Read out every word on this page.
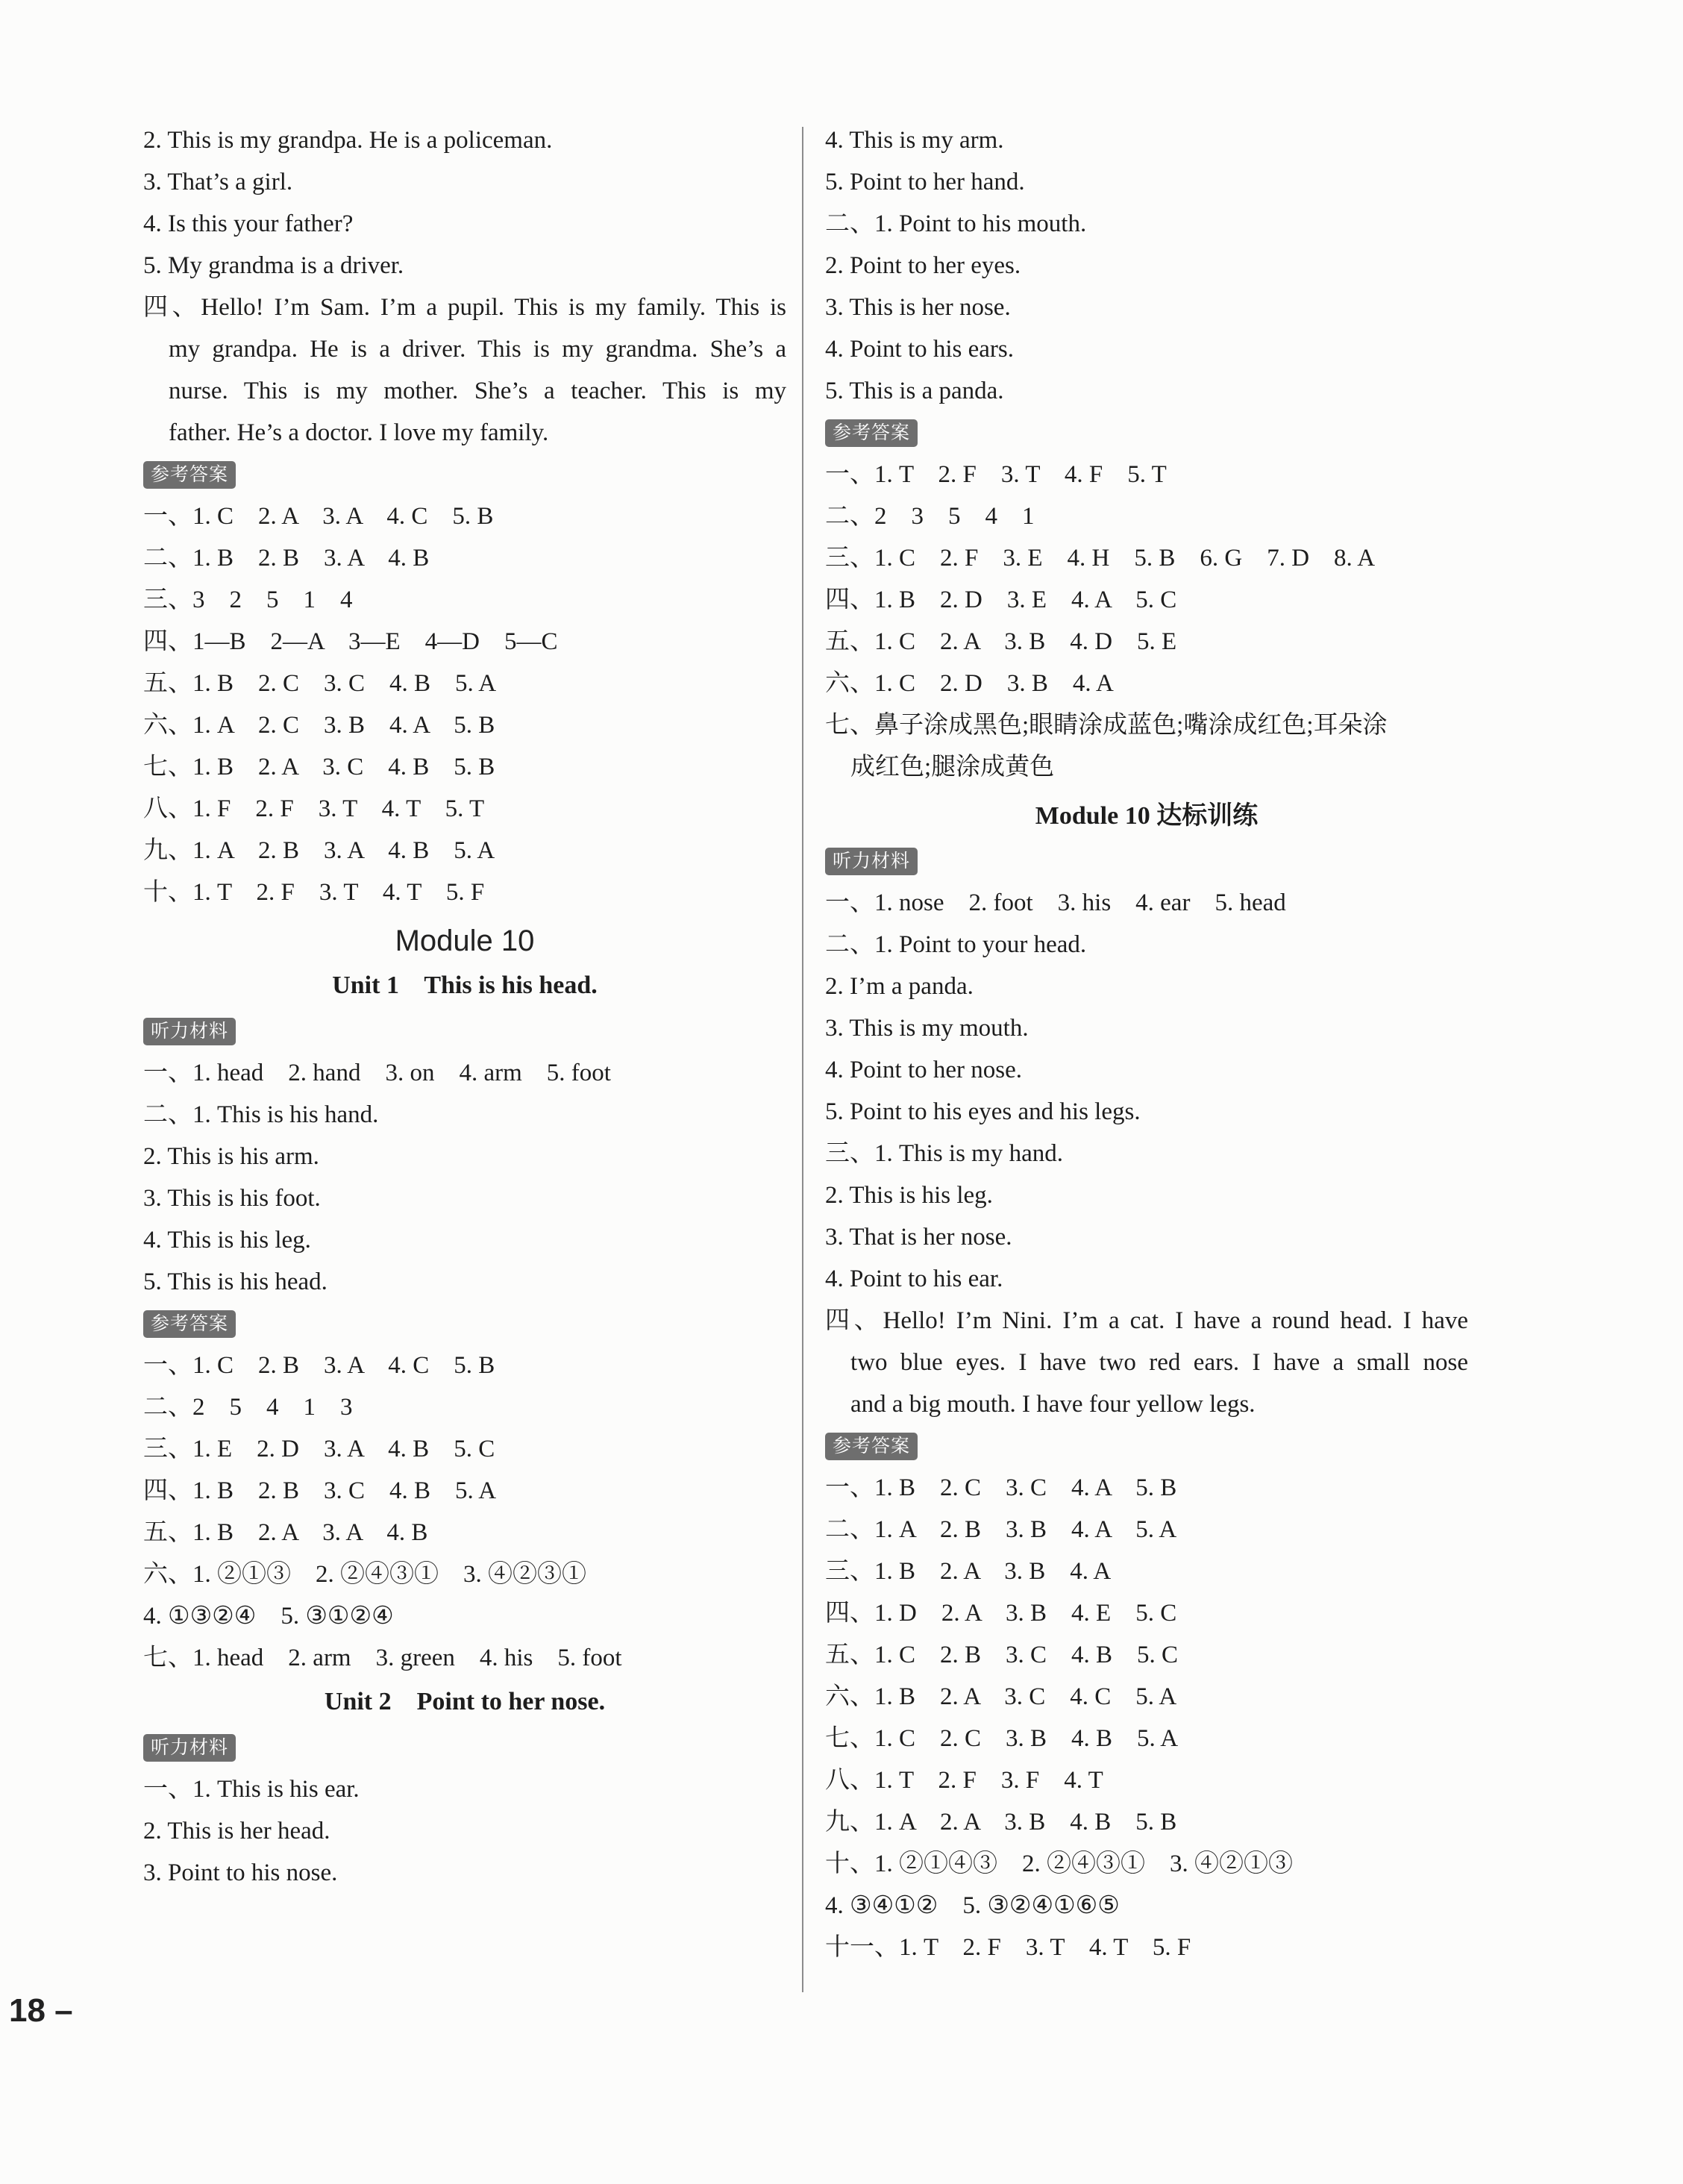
2. This is my grandpa. He is a policeman.
3. That’s a girl.
4. Is this your father?
5. My grandma is a driver.
四、Hello! I’m Sam. I’m a pupil. This is my family. This is
my grandpa. He is a driver. This is my grandma. She’s a
nurse. This is my mother. She’s a teacher. This is my
father. He’s a doctor. I love my family.
参考答案
一、1. C    2. A    3. A    4. C    5. B
二、1. B    2. B    3. A    4. B
三、3    2    5    1    4
四、1—B    2—A    3—E    4—D    5—C
五、1. B    2. C    3. C    4. B    5. A
六、1. A    2. C    3. B    4. A    5. B
七、1. B    2. A    3. C    4. B    5. B
八、1. F    2. F    3. T    4. T    5. T
九、1. A    2. B    3. A    4. B    5. A
十、1. T    2. F    3. T    4. T    5. F
Module 10
Unit 1    This is his head.
听力材料
一、1. head    2. hand    3. on    4. arm    5. foot
二、1. This is his hand.
2. This is his arm.
3. This is his foot.
4. This is his leg.
5. This is his head.
参考答案
一、1. C    2. B    3. A    4. C    5. B
二、2    5    4    1    3
三、1. E    2. D    3. A    4. B    5. C
四、1. B    2. B    3. C    4. B    5. A
五、1. B    2. A    3. A    4. B
六、1. ②①③    2. ②④③①    3. ④②③①
4. ①③②④    5. ③①②④
七、1. head    2. arm    3. green    4. his    5. foot
Unit 2    Point to her nose.
听力材料
一、1. This is his ear.
2. This is her head.
3. Point to his nose.
4. This is my arm.
5. Point to her hand.
二、1. Point to his mouth.
2. Point to her eyes.
3. This is her nose.
4. Point to his ears.
5. This is a panda.
参考答案
一、1. T    2. F    3. T    4. F    5. T
二、2    3    5    4    1
三、1. C    2. F    3. E    4. H    5. B    6. G    7. D    8. A
四、1. B    2. D    3. E    4. A    5. C
五、1. C    2. A    3. B    4. D    5. E
六、1. C    2. D    3. B    4. A
七、鼻子涂成黑色;眼睛涂成蓝色;嘴涂成红色;耳朵涂
成红色;腿涂成黄色
Module 10 达标训练
听力材料
一、1. nose    2. foot    3. his    4. ear    5. head
二、1. Point to your head.
2. I’m a panda.
3. This is my mouth.
4. Point to her nose.
5. Point to his eyes and his legs.
三、1. This is my hand.
2. This is his leg.
3. That is her nose.
4. Point to his ear.
四、Hello! I’m Nini. I’m a cat. I have a round head. I have
two blue eyes. I have two red ears. I have a small nose
and a big mouth. I have four yellow legs.
参考答案
一、1. B    2. C    3. C    4. A    5. B
二、1. A    2. B    3. B    4. A    5. A
三、1. B    2. A    3. B    4. A
四、1. D    2. A    3. B    4. E    5. C
五、1. C    2. B    3. C    4. B    5. C
六、1. B    2. A    3. C    4. C    5. A
七、1. C    2. C    3. B    4. B    5. A
八、1. T    2. F    3. F    4. T
九、1. A    2. A    3. B    4. B    5. B
十、1. ②①④③    2. ②④③①    3. ④②①③
4. ③④①②    5. ③②④①⑥⑤
十一、1. T    2. F    3. T    4. T    5. F
18 –
